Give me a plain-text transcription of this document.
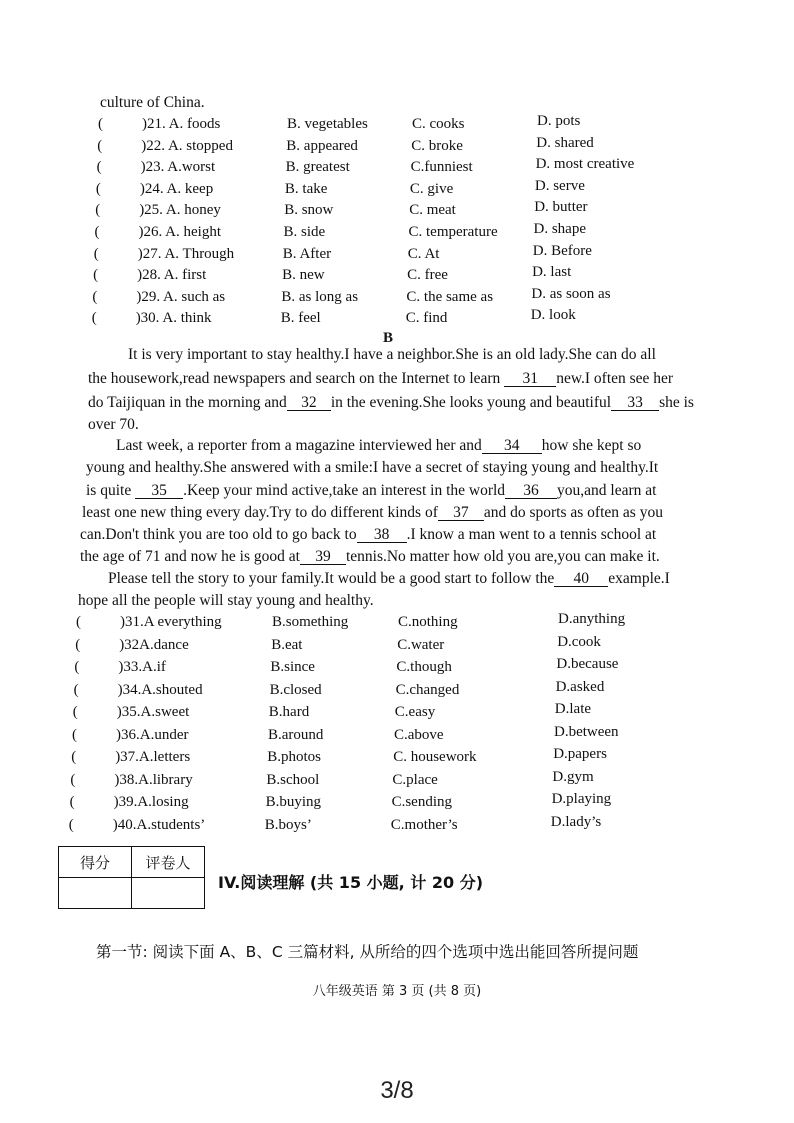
culture of China.
(	)21. A. foods	B. vegetables	C. cooks	D. pots
(	)22. A. stopped	B. appeared	C. broke	D. shared
(	)23. A.worst	B. greatest	C.funniest	D. most creative
(	)24. A. keep	B. take	C. give	D. serve
(	)25. A. honey	B. snow	C. meat	D. butter
(	)26. A. height	B. side	C. temperature D. shape
(	)27. A. Through	B. After	C. At	D. Before
(	)28. A. first	B. new	C. free	D. last
(	)29. A. such as	B. as long as	C. the same as	D. as soon as
(	)30. A. think	B. feel	C. find	D. look
B
It is very important to stay healthy.I have a neighbor.She is an old lady.She can do all
the housework,read newspapers and search on the Internet to learn 31 new.I often see her
do Taijiquan in the morning and 32 in the evening.She looks young and beautiful 33 she is
over 70.
Last week, a reporter from a magazine interviewed her and 34 how she kept so
young and healthy.She answered with a smile:I have a secret of staying young and healthy.It
is quite 35 .Keep your mind active,take an interest in the world 36 you,and learn at
least one new thing every day.Try to do different kinds of 37 and do sports as often as you
can.Don't think you are too old to go back to 38 .I know a man went to a tennis school at
the age of 71 and now he is good at 39 tennis.No matter how old you are,you can make it.
Please tell the story to your family.It would be a good start to follow the 40 example.I
hope all the people will stay young and healthy.
(	)31.A everything	B.something	C.nothing	D.anything
(	)32A.dance	B.eat	C.water	D.cook
(	)33.A.if	B.since	C.though	D.because
(	)34.A.shouted	B.closed	C.changed	D.asked
(	)35.A.sweet	B.hard	C.easy	D.late
(	)36.A.under	B.around	C.above	D.between
(	)37.A.letters	B.photos	C. housework	D.papers
(	)38.A.library	B.school	C.place	D.gym
(	)39.A.losing	B.buying	C.sending	D.playing
(	)40.A.students’	B.boys’	C.mother’s	D.lady’s
得分	评卷人

IV.阅读理解 (共 15 小题, 计 20 分)
第一节: 阅读下面 A、B、C 三篇材料, 从所给的四个选项中选出能回答所提问题
八年级英语 第 3 页 (共 8 页)
3/8
